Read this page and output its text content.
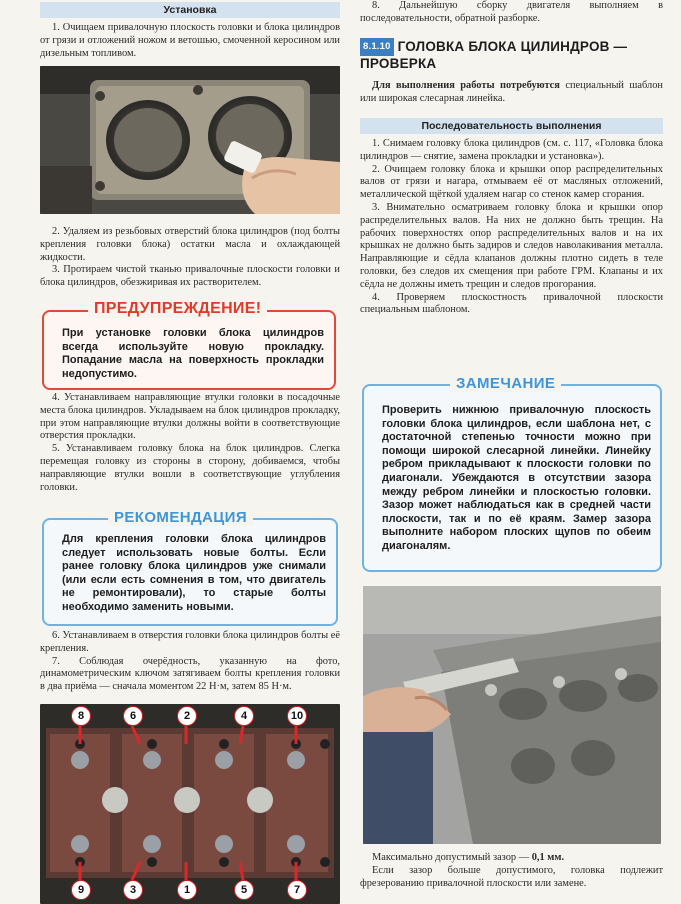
Установка

1. Очищаем привалочную плоскость головки и блока цилиндров от грязи и отложений ножом и ветошью, смоченной керосином или дизельным топливом.

2. Удаляем из резьбовых отверстий блока цилиндров (под болты крепления головки блока) остатки масла и охлаждающей жидкости.

3. Протираем чистой тканью привалочные плоскости головки и блока цилиндров, обезжиривая их растворителем.

При установке головки блока цилиндров всегда используйте новую прокладку. Попадание масла на поверхность прокладки недопустимо.
ПРЕДУПРЕЖДЕНИЕ!

4. Устанавливаем направляющие втулки головки в посадочные места блока цилиндров. Укладываем на блок цилиндров прокладку, при этом направляющие втулки должны войти в соответствующие отверстия прокладки.

5. Устанавливаем головку блока на блок цилиндров. Слегка перемещая головку из стороны в сторону, добиваемся, чтобы направляющие втулки вошли в соответствующие углубления головки.

Для крепления головки блока цилиндров следует использовать новые болты. Если ранее головку блока цилиндров уже снимали (или если есть сомнения в том, что двигатель не ремонтировали), то старые болты необходимо заменить новыми.
РЕКОМЕНДАЦИЯ

6. Устанавливаем в отверстия головки блока цилиндров болты её крепления.

7. Соблюдая очерёдность, указанную на фото, динамометрическим ключом затягиваем болты крепления головки в два приёма — сначала моментом 22 Н·м, затем 85 Н·м.

8	6	2	4	10
9	3	1	5	7

8. Дальнейшую сборку двигателя выполняем в последовательности, обратной разборке.

8.1.10 ГОЛОВКА БЛОКА ЦИЛИНДРОВ — ПРОВЕРКА

Для выполнения работы потребуются специальный шаблон или широкая слесарная линейка.

Последовательность выполнения

1. Снимаем головку блока цилиндров (см. с. 117, «Головка блока цилиндров — снятие, замена прокладки и установка»).

2. Очищаем головку блока и крышки опор распределительных валов от грязи и нагара, отмываем её от масляных отложений, металлической щёткой удаляем нагар со стенок камер сгорания.

3. Внимательно осматриваем головку блока и крышки опор распределительных валов. На них не должно быть трещин. На рабочих поверхностях опор распределительных валов и на их крышках не должно быть задиров и следов наволакивания металла. Направляющие и сёдла клапанов должны плотно сидеть в теле головки, без следов их смещения при работе ГРМ. Клапаны и их сёдла не должны иметь трещин и следов прогорания.

4. Проверяем плоскостность привалочной плоскости специальным шаблоном.

Проверить нижнюю привалочную плоскость головки блока цилиндров, если шаблона нет, с достаточной степенью точности можно при помощи широкой слесарной линейки. Линейку ребром прикладывают к плоскости головки по диагонали. Убеждаются в отсутствии зазора между ребром линейки и плоскостью головки. Зазор может наблюдаться как в средней части плоскости, так и по её краям. Замер зазора выполните набором плоских щупов по обеим диагоналям.
ЗАМЕЧАНИЕ

Максимально допустимый зазор — 0,1 мм.

Если зазор больше допустимого, головка подлежит фрезерованию привалочной плоскости или замене.
